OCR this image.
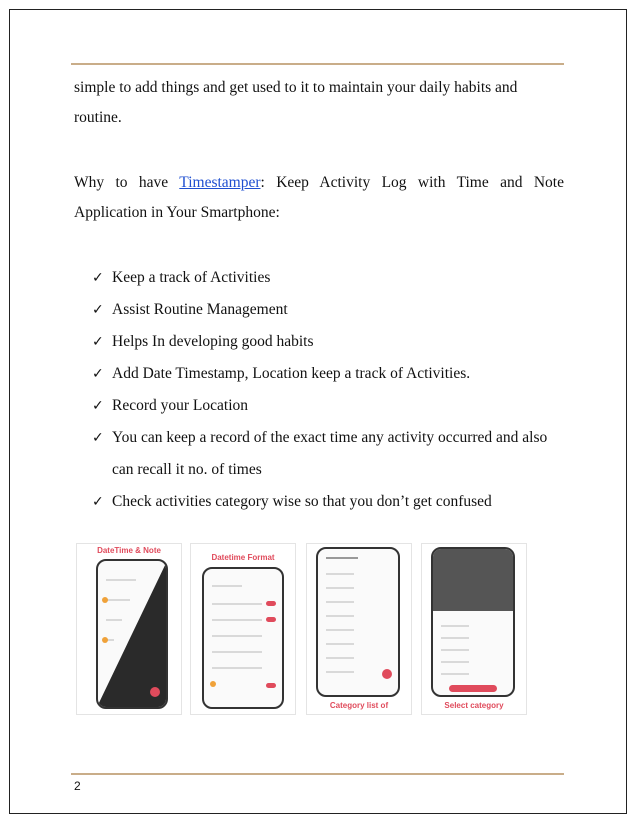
simple to add things and get used to it to maintain your daily habits and routine.
Why to have Timestamper: Keep Activity Log with Time and Note Application in Your Smartphone:
✓ Keep a track of Activities
✓ Assist Routine Management
✓ Helps In developing good habits
✓ Add Date Timestamp, Location keep a track of Activities.
✓ Record your Location
✓ You can keep a record of the exact time any activity occurred and also can recall it no. of times
✓ Check activities category wise so that you don’t get confused
DateTime & Note
Datetime Format
Category list of	Select category
2
